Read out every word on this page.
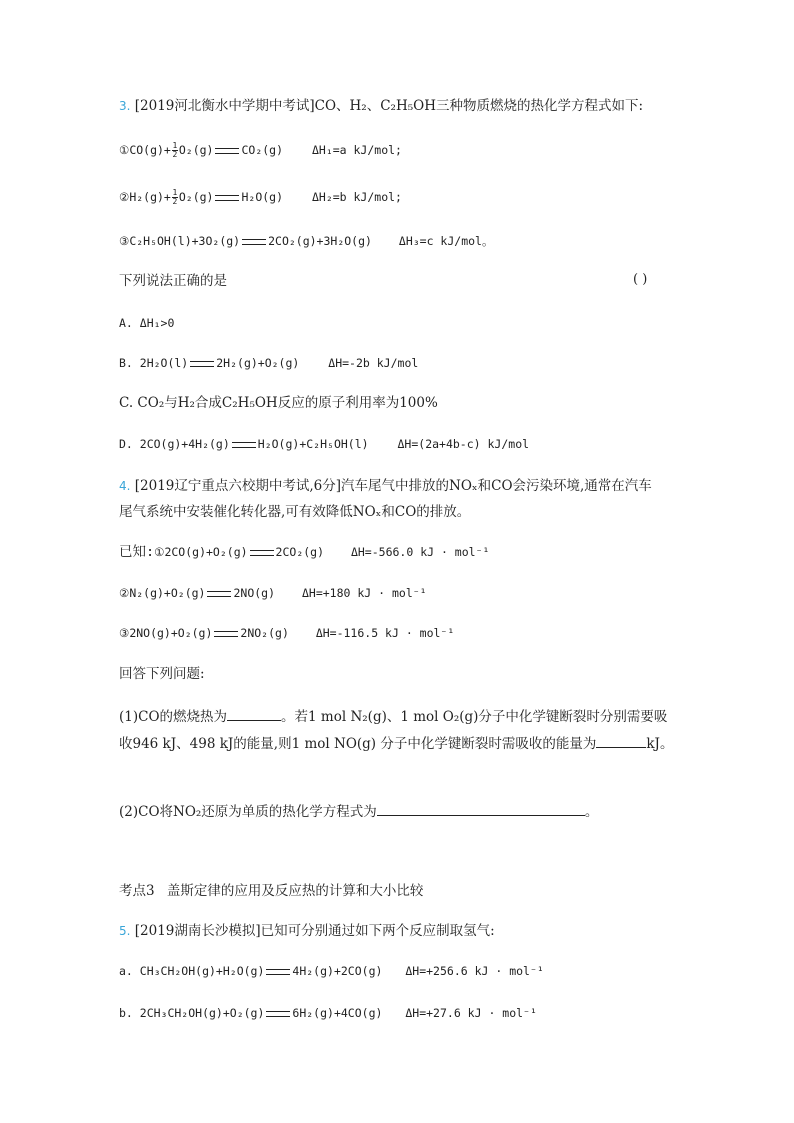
3. [2019河北衡水中学期中考试]CO、H₂、C₂H₅OH三种物质燃烧的热化学方程式如下:
①CO(g)+ $\frac{1}{2} O_2(g)$ CO₂(g)	ΔH₁=a kJ/mol;
②H₂(g)+ $\frac{1}{2} O_2(g)$ H₂O(g)	ΔH₂=b kJ/mol;
③C₂H₅OH(l)+3O₂(g) 2CO₂(g)+3H₂O(g) ΔH₃=c kJ/mol。
下列说法正确的是	( )
A. ΔH₁>0
B. 2H₂O(l) 2H₂(g)+O₂(g)	ΔH=-2b kJ/mol
C. CO₂与H₂合成C₂H₅OH反应的原子利用率为100%
D. 2CO(g)+4H₂(g) H₂O(g)+C₂H₅OH(l)	ΔH=(2a+4b-c) kJ/mol
4. [2019辽宁重点六校期中考试,6分]汽车尾气中排放的NOₓ和CO会污染环境,通常在汽车
尾气系统中安装催化转化器,可有效降低NOₓ和CO的排放。
已知:①2CO(g)+O₂(g) 2CO₂(g) ΔH=-566.0 kJ · mol⁻¹
②N₂(g)+O₂(g) 2NO(g) ΔH=+180 kJ · mol⁻¹
③2NO(g)+O₂(g) 2NO₂(g) ΔH=-116.5 kJ · mol⁻¹
回答下列问题:
(1)CO的燃烧热为	。若1 mol N₂(g)、1 mol O₂(g)分子中化学键断裂时分别需要吸
收946 kJ、498 kJ的能量,则1 mol NO(g) 分子中化学键断裂时需吸收的能量为	kJ。
(2)CO将NO₂还原为单质的热化学方程式为	。
考点3 盖斯定律的应用及反应热的计算和大小比较
5. [2019湖南长沙模拟]已知可分别通过如下两个反应制取氢气:
a. CH₃CH₂OH(g)+H₂O(g) 4H₂(g)+2CO(g) ΔH=+256.6 kJ · mol⁻¹
b. 2CH₃CH₂OH(g)+O₂(g) 6H₂(g)+4CO(g) ΔH=+27.6 kJ · mol⁻¹
